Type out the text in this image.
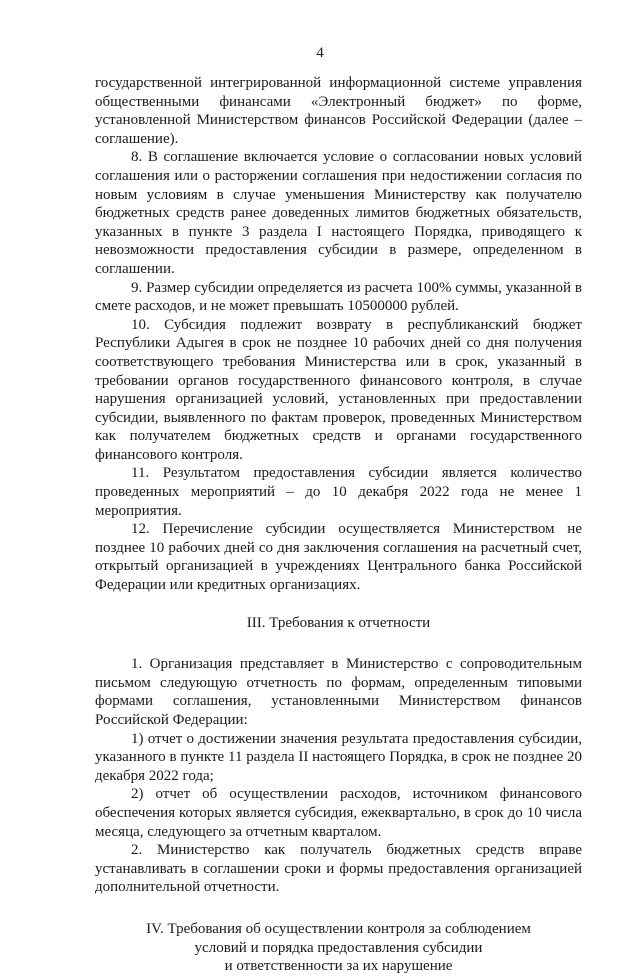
4

государственной интегрированной информационной системе управления общественными финансами «Электронный бюджет» по форме, установленной Министерством финансов Российской Федерации (далее – соглашение).

8. В соглашение включается условие о согласовании новых условий соглашения или о расторжении соглашения при недостижении согласия по новым условиям в случае уменьшения Министерству как получателю бюджетных средств ранее доведенных лимитов бюджетных обязательств, указанных в пункте 3 раздела I настоящего Порядка, приводящего к невозможности предоставления субсидии в размере, определенном в соглашении.

9. Размер субсидии определяется из расчета 100% суммы, указанной в смете расходов, и не может превышать 10500000 рублей.

10. Субсидия подлежит возврату в республиканский бюджет Республики Адыгея в срок не позднее 10 рабочих дней со дня получения соответствующего требования Министерства или в срок, указанный в требовании органов государственного финансового контроля, в случае нарушения организацией условий, установленных при предоставлении субсидии, выявленного по фактам проверок, проведенных Министерством как получателем бюджетных средств и органами государственного финансового контроля.

11. Результатом предоставления субсидии является количество проведенных мероприятий – до 10 декабря 2022 года не менее 1 мероприятия.

12. Перечисление субсидии осуществляется Министерством не позднее 10 рабочих дней со дня заключения соглашения на расчетный счет, открытый организацией в учреждениях Центрального банка Российской Федерации или кредитных организациях.

III. Требования к отчетности

1. Организация представляет в Министерство с сопроводительным письмом следующую отчетность по формам, определенным типовыми формами соглашения, установленными Министерством финансов Российской Федерации:

1) отчет о достижении значения результата предоставления субсидии, указанного в пункте 11 раздела II настоящего Порядка, в срок не позднее 20 декабря 2022 года;

2) отчет об осуществлении расходов, источником финансового обеспечения которых является субсидия, ежеквартально, в срок до 10 числа месяца, следующего за отчетным кварталом.

2. Министерство как получатель бюджетных средств вправе устанавливать в соглашении сроки и формы предоставления организацией дополнительной отчетности.

IV. Требования об осуществлении контроля за соблюдением
условий и порядка предоставления субсидии
и ответственности за их нарушение
